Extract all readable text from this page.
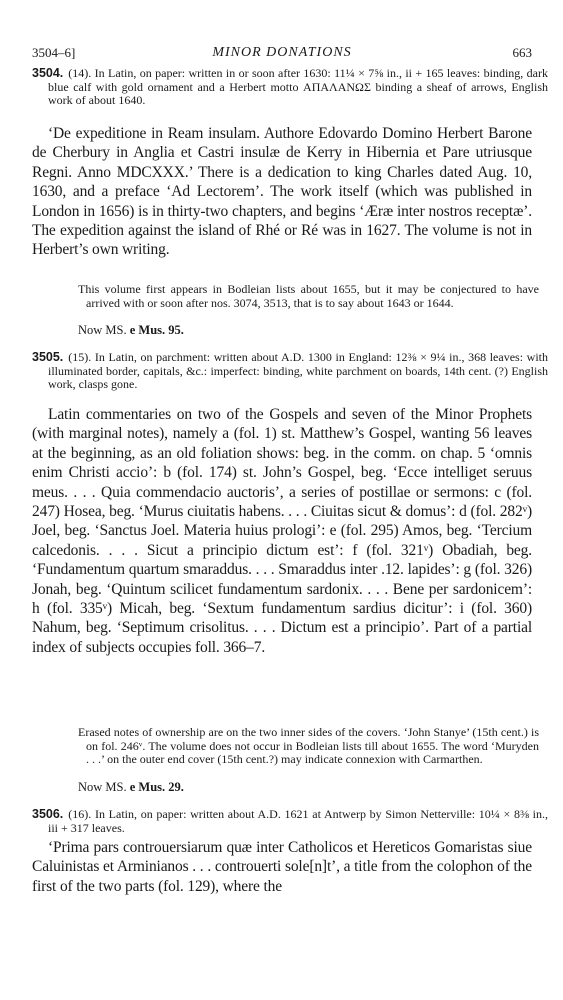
3504–6]	MINOR DONATIONS	663
3504. (14). In Latin, on paper: written in or soon after 1630: 11¼ × 7⅝ in., ii + 165 leaves: binding, dark blue calf with gold ornament and a Herbert motto ΑΠΑΛΑΝΩΣ binding a sheaf of arrows, English work of about 1640.

‘De expeditione in Ream insulam. Authore Edovardo Domino Herbert Barone de Cherbury in Anglia et Castri insulæ de Kerry in Hibernia et Pare utriusque Regni. Anno MDCXXX.’ There is a dedication to king Charles dated Aug. 10, 1630, and a preface ‘Ad Lectorem’. The work itself (which was published in London in 1656) is in thirty-two chapters, and begins ‘Æræ inter nostros receptæ’. The expedition against the island of Rhé or Ré was in 1627. The volume is not in Herbert’s own writing.

This volume first appears in Bodleian lists about 1655, but it may be conjectured to have arrived with or soon after nos. 3074, 3513, that is to say about 1643 or 1644.
Now MS. e Mus. 95.
3505. (15). In Latin, on parchment: written about A.D. 1300 in England: 12⅜ × 9¼ in., 368 leaves: with illuminated border, capitals, &c.: imperfect: binding, white parchment on boards, 14th cent. (?) English work, clasps gone.

Latin commentaries on two of the Gospels and seven of the Minor Prophets (with marginal notes), namely a (fol. 1) st. Matthew’s Gospel, wanting 56 leaves at the beginning, as an old foliation shows: beg. in the comm. on chap. 5 ‘omnis enim Christi accio’: b (fol. 174) st. John’s Gospel, beg. ‘Ecce intelliget seruus meus. . . . Quia commendacio auctoris’, a series of postillae or sermons: c (fol. 247) Hosea, beg. ‘Murus ciuitatis habens. . . . Ciuitas sicut & domus’: d (fol. 282ᵛ) Joel, beg. ‘Sanctus Joel. Materia huius prologi’: e (fol. 295) Amos, beg. ‘Tercium calcedonis. . . . Sicut a principio dictum est’: f (fol. 321ᵛ) Obadiah, beg. ‘Fundamentum quartum smaraddus. . . . Smaraddus inter .12. lapides’: g (fol. 326) Jonah, beg. ‘Quintum scilicet fundamentum sardonix. . . . Bene per sardonicem’: h (fol. 335ᵛ) Micah, beg. ‘Sextum fundamentum sardius dicitur’: i (fol. 360) Nahum, beg. ‘Septimum crisolitus. . . . Dictum est a principio’. Part of a partial index of subjects occupies foll. 366–7.

Erased notes of ownership are on the two inner sides of the covers. ‘John Stanye’ (15th cent.) is on fol. 246ᵛ. The volume does not occur in Bodleian lists till about 1655. The word ‘Muryden . . .’ on the outer end cover (15th cent.?) may indicate connexion with Carmarthen.
Now MS. e Mus. 29.
3506. (16). In Latin, on paper: written about A.D. 1621 at Antwerp by Simon Netterville: 10¼ × 8⅜ in., iii + 317 leaves.

‘Prima pars controuersiarum quæ inter Catholicos et Hereticos Gomaristas siue Caluinistas et Arminianos . . . controuerti sole[n]t’, a title from the colophon of the first of the two parts (fol. 129), where the
